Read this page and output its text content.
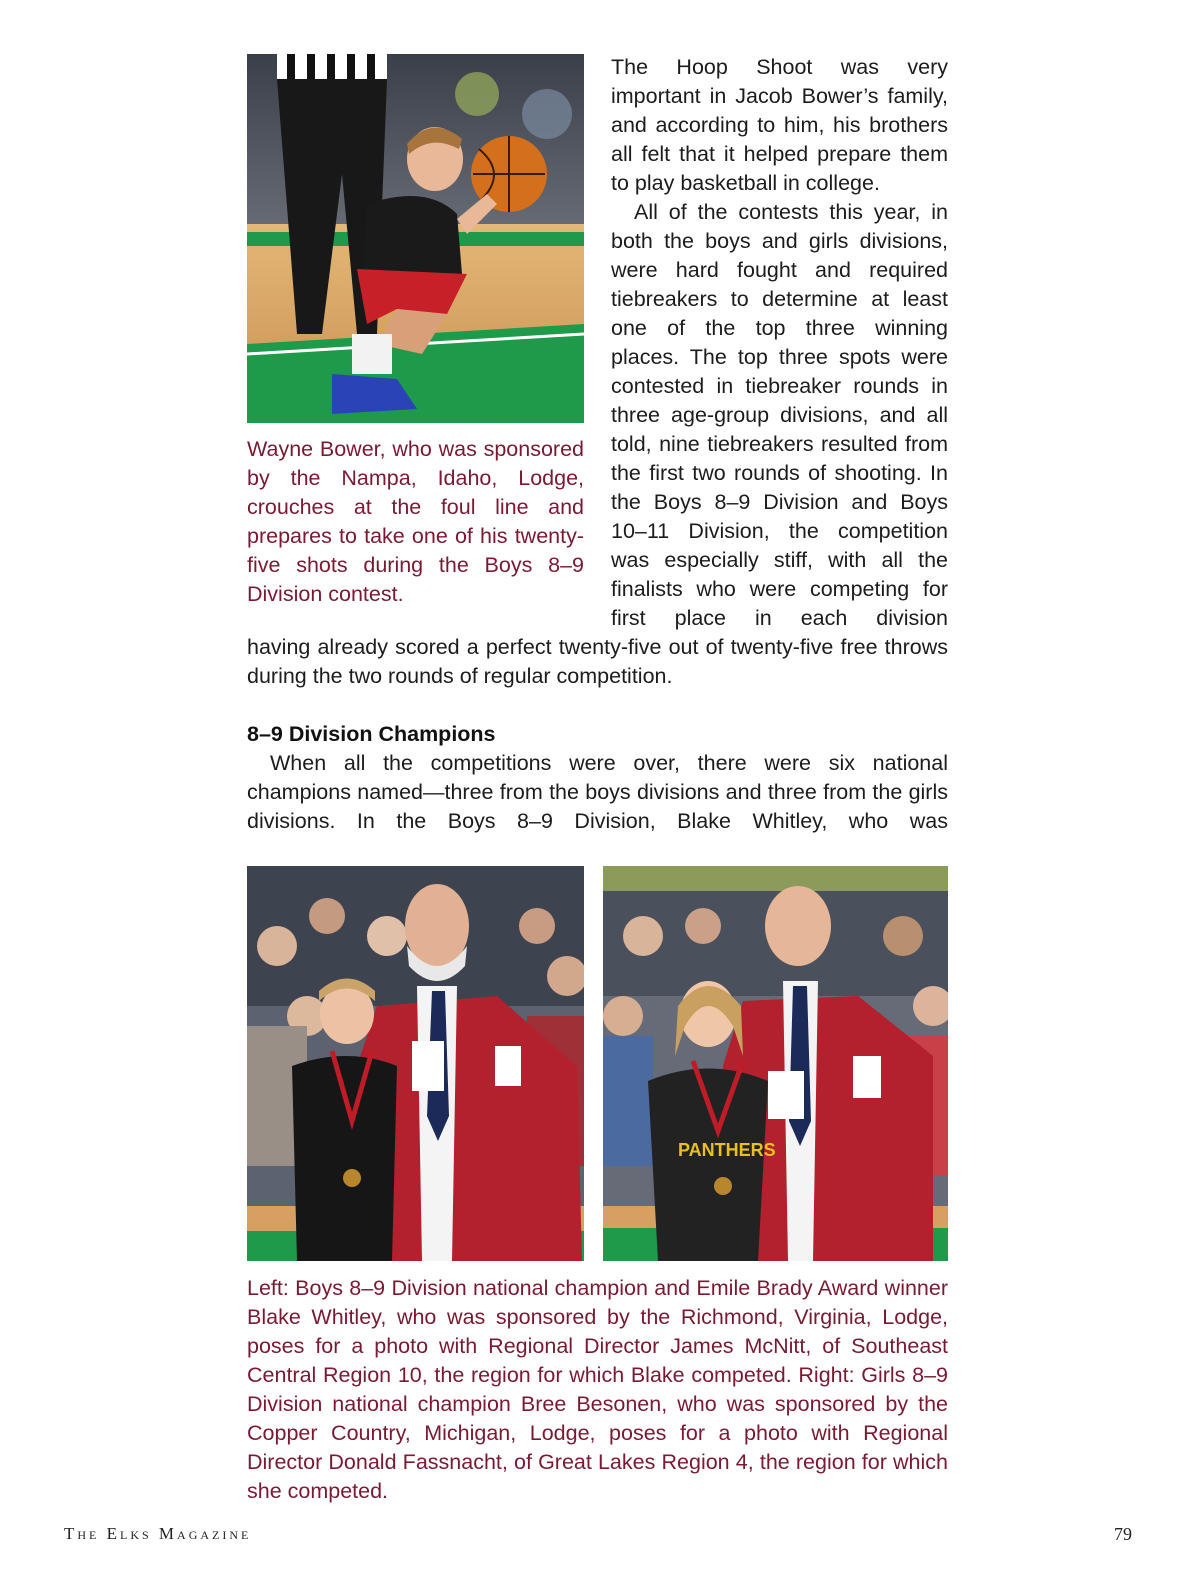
Wayne Bower, who was sponsored by the Nampa, Idaho, Lodge, crouches at the foul line and prepares to take one of his twenty-five shots during the Boys 8–9 Division contest.

The Hoop Shoot was very important in Jacob Bower’s family, and according to him, his brothers all felt that it helped prepare them to play basketball in college.

All of the contests this year, in both the boys and girls divisions, were hard fought and required tiebreakers to determine at least one of the top three winning places. The top three spots were contested in tiebreaker rounds in three age-group divisions, and all told, nine tiebreakers resulted from the first two rounds of shooting. In the Boys 8–9 Division and Boys 10–11 Division, the competition was especially stiff, with all the finalists who were competing for first place in each division

having already scored a perfect twenty-five out of twenty-five free throws during the two rounds of regular competition.
8–9 Division Champions
When all the competitions were over, there were six national champions named—three from the boys divisions and three from the girls divisions. In the Boys 8–9 Division, Blake Whitley, who was
PANTHERS
Left: Boys 8–9 Division national champion and Emile Brady Award winner Blake Whitley, who was sponsored by the Richmond, Virginia, Lodge, poses for a photo with Regional Director James McNitt, of Southeast Central Region 10, the region for which Blake competed. Right: Girls 8–9 Division national champion Bree Besonen, who was sponsored by the Copper Country, Michigan, Lodge, poses for a photo with Regional Director Donald Fassnacht, of Great Lakes Region 4, the region for which she competed.
The Elks Magazine	79
